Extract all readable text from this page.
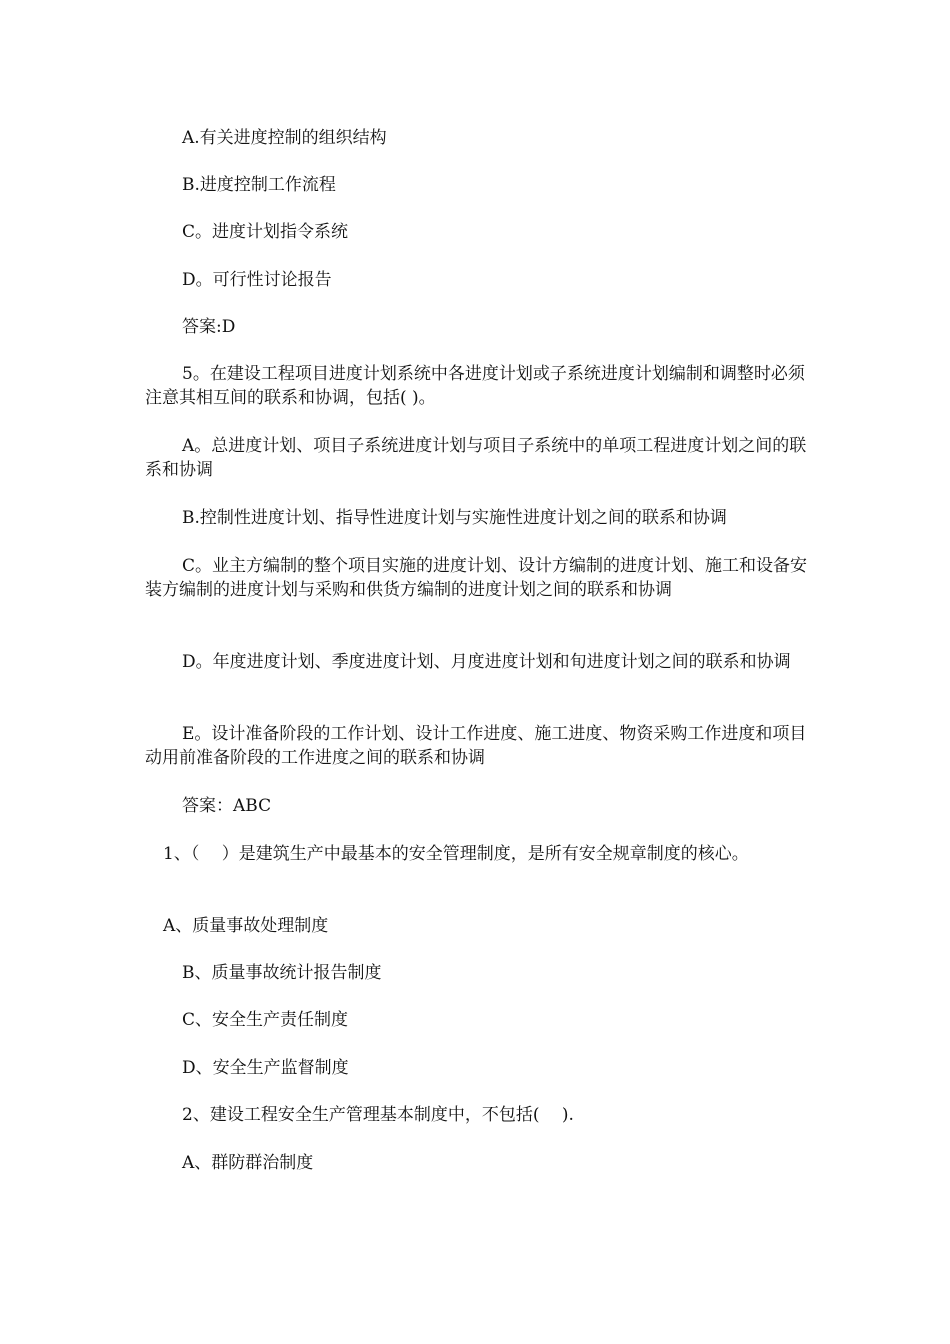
A.有关进度控制的组织结构

B.进度控制工作流程

C。进度计划指令系统

D。可行性讨论报告

答案:D

5。在建设工程项目进度计划系统中各进度计划或子系统进度计划编制和调整时必须注意其相互间的联系和协调，包括( )。

A。总进度计划、项目子系统进度计划与项目子系统中的单项工程进度计划之间的联系和协调

B.控制性进度计划、指导性进度计划与实施性进度计划之间的联系和协调

C。业主方编制的整个项目实施的进度计划、设计方编制的进度计划、施工和设备安装方编制的进度计划与采购和供货方编制的进度计划之间的联系和协调

D。年度进度计划、季度进度计划、月度进度计划和旬进度计划之间的联系和协调

E。设计准备阶段的工作计划、设计工作进度、施工进度、物资采购工作进度和项目动用前准备阶段的工作进度之间的联系和协调

答案：ABC

1、（　 ）是建筑生产中最基本的安全管理制度，是所有安全规章制度的核心。

A、质量事故处理制度

B、质量事故统计报告制度

C、安全生产责任制度

D、安全生产监督制度

2、建设工程安全生产管理基本制度中，不包括(　 ).

A、群防群治制度
